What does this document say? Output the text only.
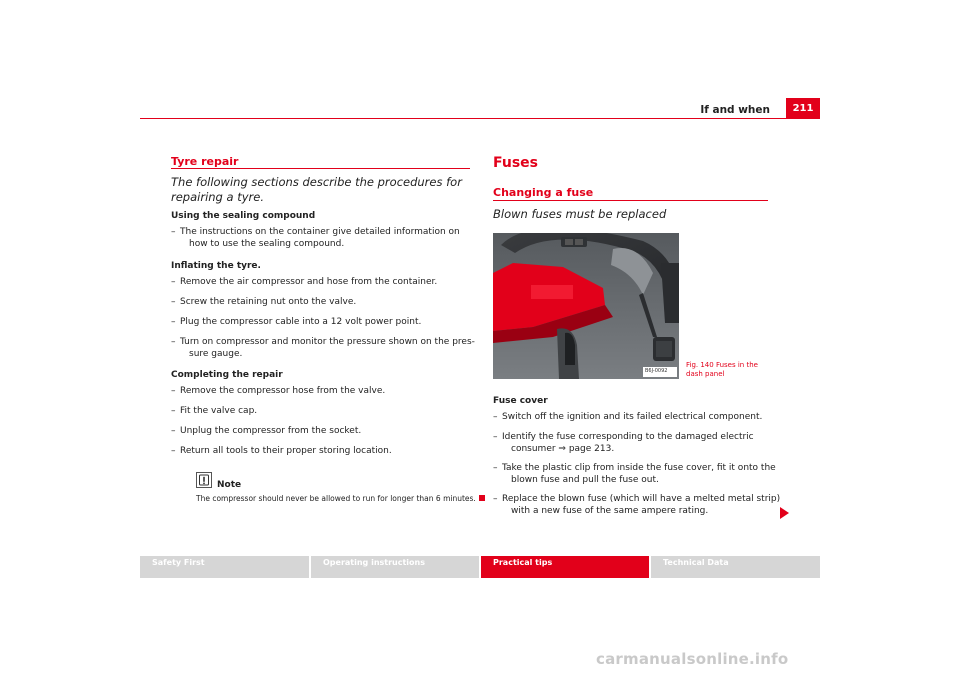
If and when	211
Tyre repair
The following sections describe the procedures for repairing a tyre.
Using the sealing compound
– The instructions on the container give detailed information on
how to use the sealing compound.
Inflating the tyre.
– Remove the air compressor and hose from the container.
– Screw the retaining nut onto the valve.
– Plug the compressor cable into a 12 volt power point.
– Turn on compressor and monitor the pressure shown on the pres-
sure gauge.
Completing the repair
– Remove the compressor hose from the valve.
– Fit the valve cap.
– Unplug the compressor from the socket.
– Return all tools to their proper storing location.
Note
The compressor should never be allowed to run for longer than 6 minutes.
Fuses
Changing a fuse
Blown fuses must be replaced
B6J-0092
Fig. 140 Fuses in the
dash panel
Fuse cover
– Switch off the ignition and its failed electrical component.
– Identify the fuse corresponding to the damaged electric
consumer ⇒ page 213.
– Take the plastic clip from inside the fuse cover, fit it onto the
blown fuse and pull the fuse out.
– Replace the blown fuse (which will have a melted metal strip)
with a new fuse of the same ampere rating.
Safety First	Operating instructions	Practical tips	Technical Data
carmanualsonline.info
